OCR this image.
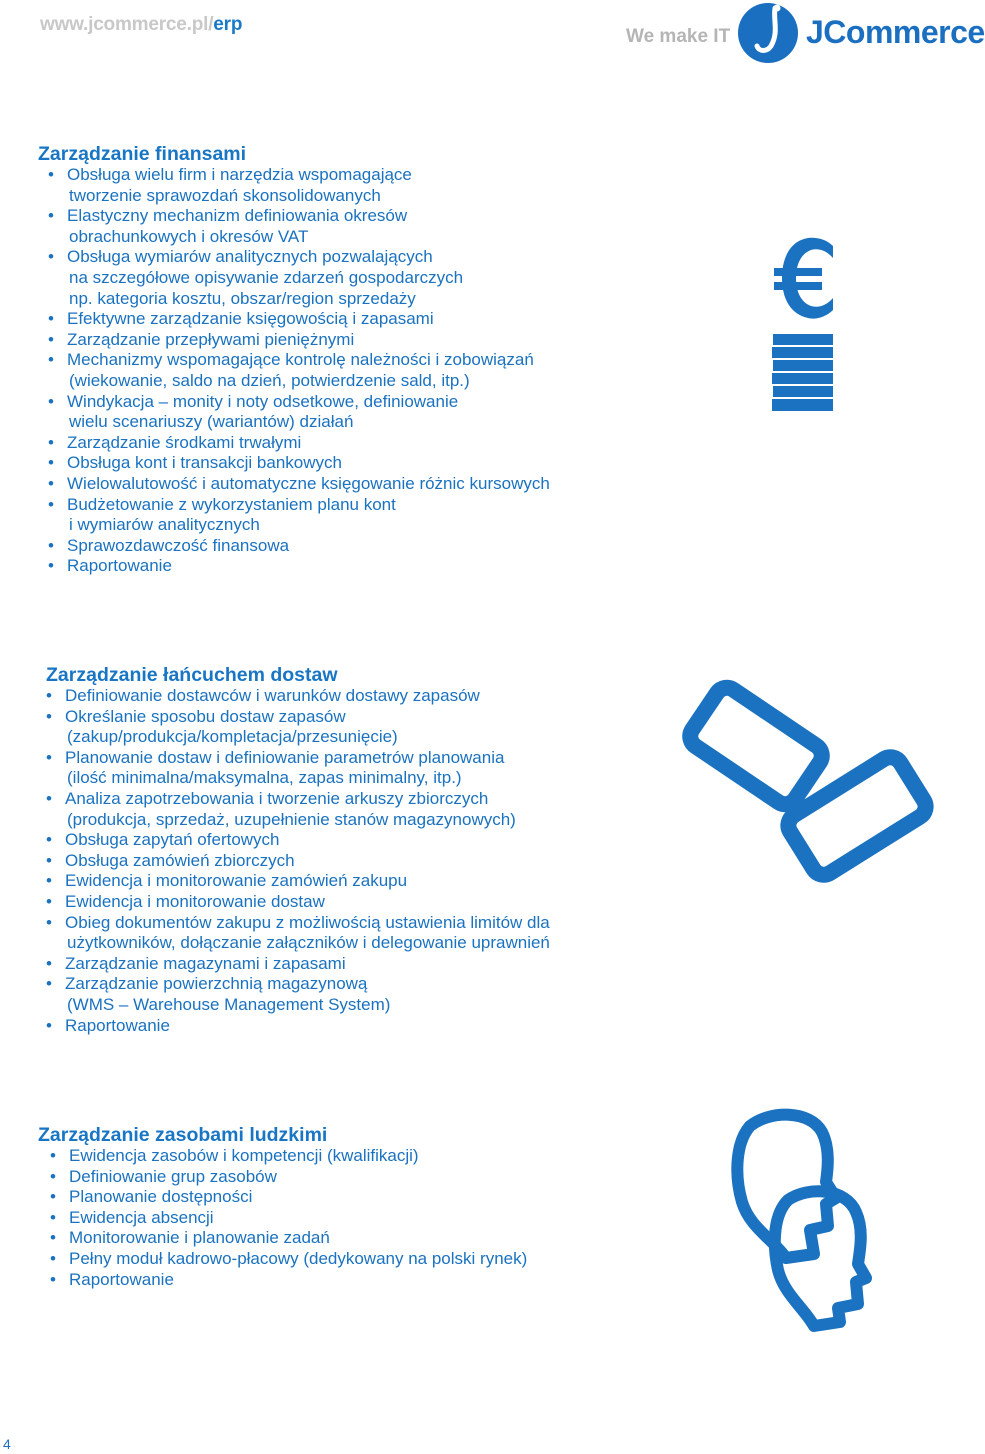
www.jcommerce.pl/erp
We make IT JCommerce
Zarządzanie finansami
• Obsługa wielu firm i narzędzia wspomagające
tworzenie sprawozdań skonsolidowanych
• Elastyczny mechanizm definiowania okresów
obrachunkowych i okresów VAT
• Obsługa wymiarów analitycznych pozwalających
na szczegółowe opisywanie zdarzeń gospodarczych
np. kategoria kosztu, obszar/region sprzedaży
• Efektywne zarządzanie księgowością i zapasami
• Zarządzanie przepływami pieniężnymi
• Mechanizmy wspomagające kontrolę należności i zobowiązań
(wiekowanie, saldo na dzień, potwierdzenie sald, itp.)
• Windykacja – monity i noty odsetkowe, definiowanie
wielu scenariuszy (wariantów) działań
• Zarządzanie środkami trwałymi
• Obsługa kont i transakcji bankowych
• Wielowalutowość i automatyczne księgowanie różnic kursowych
• Budżetowanie z wykorzystaniem planu kont
i wymiarów analitycznych
• Sprawozdawczość finansowa
• Raportowanie
Zarządzanie łańcuchem dostaw
• Definiowanie dostawców i warunków dostawy zapasów
• Określanie sposobu dostaw zapasów
(zakup/produkcja/kompletacja/przesunięcie)
• Planowanie dostaw i definiowanie parametrów planowania
(ilość minimalna/maksymalna, zapas minimalny, itp.)
• Analiza zapotrzebowania i tworzenie arkuszy zbiorczych
(produkcja, sprzedaż, uzupełnienie stanów magazynowych)
• Obsługa zapytań ofertowych
• Obsługa zamówień zbiorczych
• Ewidencja i monitorowanie zamówień zakupu
• Ewidencja i monitorowanie dostaw
• Obieg dokumentów zakupu z możliwością ustawienia limitów dla
użytkowników, dołączanie załączników i delegowanie uprawnień
• Zarządzanie magazynami i zapasami
• Zarządzanie powierzchnią magazynową
(WMS – Warehouse Management System)
• Raportowanie
Zarządzanie zasobami ludzkimi
• Ewidencja zasobów i kompetencji (kwalifikacji)
• Definiowanie grup zasobów
• Planowanie dostępności
• Ewidencja absencji
• Monitorowanie i planowanie zadań
• Pełny moduł kadrowo-płacowy (dedykowany na polski rynek)
• Raportowanie
4
